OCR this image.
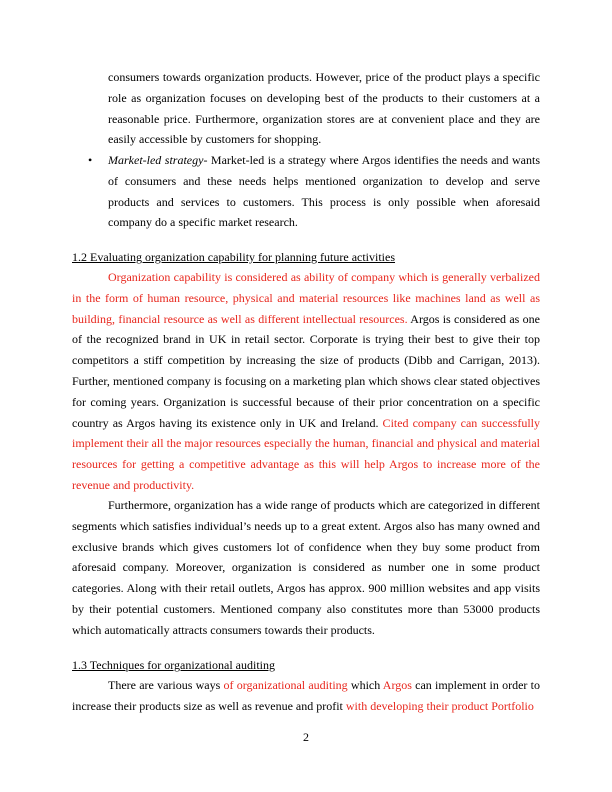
consumers towards organization products. However, price of the product plays a specific role as organization focuses on developing best of the products to their customers at a reasonable price. Furthermore, organization stores are at convenient place and they are easily accessible by customers for shopping.
• Market-led strategy- Market-led is a strategy where Argos identifies the needs and wants of consumers and these needs helps mentioned organization to develop and serve products and services to customers. This process is only possible when aforesaid company do a specific market research.
1.2 Evaluating organization capability for planning future activities
Organization capability is considered as ability of company which is generally verbalized in the form of human resource, physical and material resources like machines land as well as building, financial resource as well as different intellectual resources. Argos is considered as one of the recognized brand in UK in retail sector. Corporate is trying their best to give their top competitors a stiff competition by increasing the size of products (Dibb and Carrigan, 2013). Further, mentioned company is focusing on a marketing plan which shows clear stated objectives for coming years. Organization is successful because of their prior concentration on a specific country as Argos having its existence only in UK and Ireland. Cited company can successfully implement their all the major resources especially the human, financial and physical and material resources for getting a competitive advantage as this will help Argos to increase more of the revenue and productivity.
Furthermore, organization has a wide range of products which are categorized in different segments which satisfies individual’s needs up to a great extent. Argos also has many owned and exclusive brands which gives customers lot of confidence when they buy some product from aforesaid company. Moreover, organization is considered as number one in some product categories. Along with their retail outlets, Argos has approx. 900 million websites and app visits by their potential customers. Mentioned company also constitutes more than 53000 products which automatically attracts consumers towards their products.
1.3 Techniques for organizational auditing
There are various ways of organizational auditing which Argos can implement in order to increase their products size as well as revenue and profit with developing their product Portfolio
2
